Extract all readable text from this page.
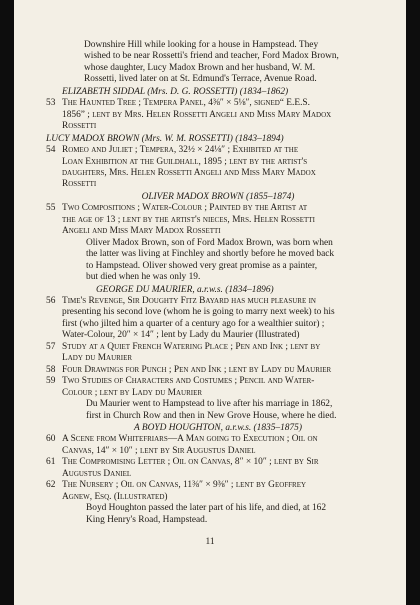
Downshire Hill while looking for a house in Hampstead. They
wished to be near Rossetti's friend and teacher, Ford Madox Brown,
whose daughter, Lucy Madox Brown and her husband, W. M.
Rossetti, lived later on at St. Edmund's Terrace, Avenue Road.
ELIZABETH SIDDAL (Mrs. D. G. ROSSETTI) (1834–1862)
53 The Haunted Tree ; Tempera Panel, 4⅜″ × 5⅛″, signed“ E.E.S.
1856” ; lent by Mrs. Helen Rossetti Angeli and Miss Mary Madox
Rossetti
LUCY MADOX BROWN (Mrs. W. M. ROSSETTI) (1843–1894)
54 Romeo and Juliet ; Tempera, 32½ × 24⅛″ ; Exhibited at the
Loan Exhibition at the Guildhall, 1895 ; lent by the artist's
daughters, Mrs. Helen Rossetti Angeli and Miss Mary Madox
Rossetti
OLIVER MADOX BROWN (1855–1874)
55 Two Compositions ; Water-Colour ; Painted by the Artist at
the age of 13 ; lent by the artist's nieces, Mrs. Helen Rossetti
Angeli and Miss Mary Madox Rossetti
Oliver Madox Brown, son of Ford Madox Brown, was born when
the latter was living at Finchley and shortly before he moved back
to Hampstead. Oliver showed very great promise as a painter,
but died when he was only 19.
GEORGE DU MAURIER, a.r.w.s. (1834–1896)
56 Time's Revenge, Sir Doughty Fitz Bayard has much pleasure in
presenting his second love (whom he is going to marry next week) to his
first (who jilted him a quarter of a century ago for a wealthier suitor) ;
Water-Colour, 20″ × 14″ ; lent by Lady du Maurier (Illustrated)
57 Study at a Quiet French Watering Place ; Pen and Ink ; lent by
Lady du Maurier
58 Four Drawings for Punch ; Pen and Ink ; lent by Lady du Maurier
59 Two Studies of Characters and Costumes ; Pencil and Water-
Colour ; lent by Lady du Maurier
Du Maurier went to Hampstead to live after his marriage in 1862,
first in Church Row and then in New Grove House, where he died.
A BOYD HOUGHTON, a.r.w.s. (1835–1875)
60 A Scene from Whitefriars—A Man going to Execution ; Oil on
Canvas, 14″ × 10″ ; lent by Sir Augustus Daniel
61 The Compromising Letter ; Oil on Canvas, 8″ × 10″ ; lent by Sir
Augustus Daniel
62 The Nursery ; Oil on Canvas, 11⅜″ × 9⅜″ ; lent by Geoffrey
Agnew, Esq. (Illustrated)
Boyd Houghton passed the later part of his life, and died, at 162
King Henry's Road, Hampstead.
11
